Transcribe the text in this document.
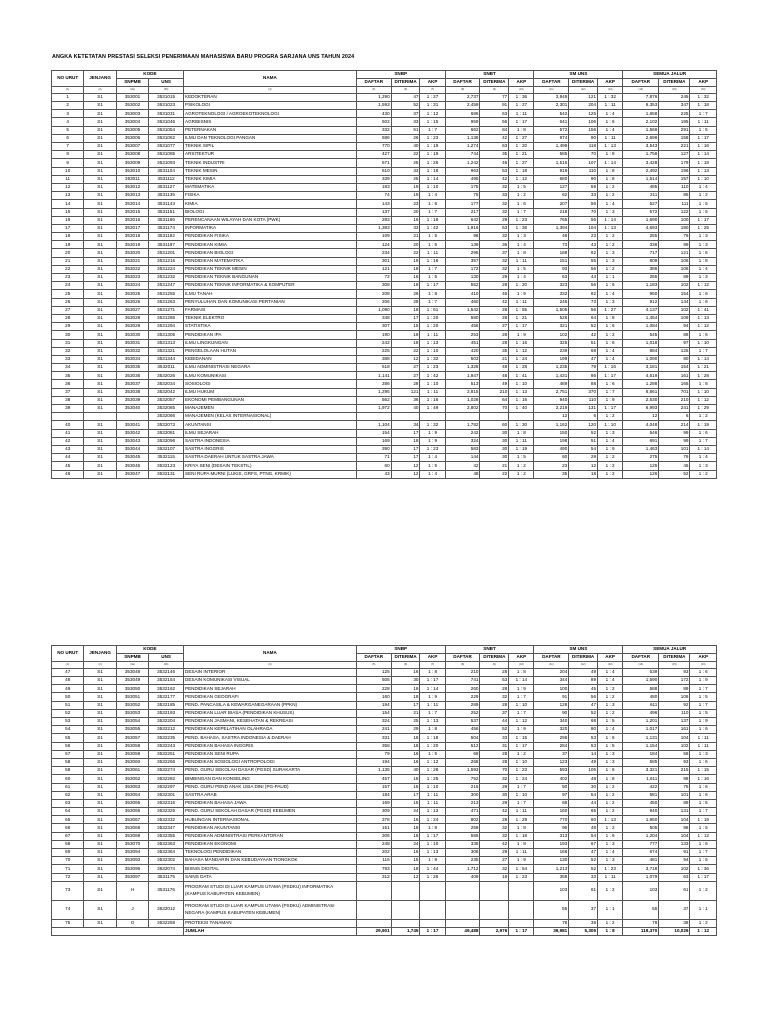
ANGKA KETETATAN PRESTASI SELEKSI PENERIMAAN MAHASISWA BARU PROGRA SARJANA UNS TAHUN 2024
NO URUT	JENJANG	KODE		NAMA	SNBP			SNBT			SM UNS			SEMUA JALUR		
		SNPMB	UNS		DAFTAR	DITERIMA	AKP	DAFTAR	DITERIMA	AKP	DAFTAR	DITERIMA	AKP	DAFTAR	DITERIMA	AKP
(1)	(2)	(3a)	(3b)	(4)	(5)	(6)	(7)	(8)	(9)	(10)	(11)	(12)	(13)	(14)	(15)	(16)
1	S1	353001	3531015	KEDOKTERAN	1,290	47	1 : 27	2,737	77	1 : 36	3,849	121	1 : 32	7,876	245	1 : 32
2	S1	353002	3531023	PSIKOLOGI	1,593	52	1 : 31	2,459	91	1 : 27	2,301	204	1 : 11	6,353	347	1 : 18
3	S1	353003	3531031	AGROTEKNOLOGI / AGROEKOTEKNOLOGI	430	37	1 : 12	686	63	1 : 11	542	125	1 : 4	1,658	225	1 : 7
4	S1	353004	3531046	AGRIBISNIS	502	33	1 : 15	959	56	1 : 17	641	106	1 : 6	2,102	195	1 : 11
5	S1	353005	3531054	PETERNAKAN	332	51	1 : 7	662	84	1 : 8	572	156	1 : 4	1,566	291	1 : 5
6	S1	353006	3531062	ILMU DAN TEKNOLOGI PANGAN	586	26	1 : 23	1,136	42	1 : 27	974	90	1 : 11	2,696	158	1 : 17
7	S1	353007	3531077	TEKNIK SIPIL	770	40	1 : 19	1,274	63	1 : 20	1,499	118	1 : 13	3,543	221	1 : 16
8	S1	353008	3531085	ARSITEKTUR	427	22	1 : 19	744	35	1 : 21	585	70	1 : 8	1,756	127	1 : 14
9	S1	353009	3531093	TEKNIK INDUSTRI	671	26	1 : 26	1,242	46	1 : 27	1,515	107	1 : 14	3,428	179	1 : 19
10	S1	353010	3531104	TEKNIK MESIN	610	33	1 : 18	963	53	1 : 18	919	110	1 : 8	2,492	196	1 : 13
11	S1	353011	3531112	TEKNIK KIMIA	339	25	1 : 14	495	42	1 : 12	680	90	1 : 8	1,514	157	1 : 10
12	S1	353012	3531127	MATEMATIKA	183	19	1 : 10	175	32	1 : 5	127	59	1 : 2	485	110	1 : 4
13	S1	353013	3531135	FISIKA	74	19	1 : 4	75	33	1 : 2	62	33	1 : 2	211	85	1 : 2
14	S1	353014	3531143	KIMIA	143	23	1 : 6	177	32	1 : 6	207	56	1 : 4	527	111	1 : 5
15	S1	353015	3531151	BIOLOGI	137	20	1 : 7	217	32	1 : 7	218	70	1 : 3	572	122	1 : 5
16	S1	353016	3531166	PERENCANAAN WILAYAH DAN KOTA (PWK)	283	16	1 : 18	642	28	1 : 23	765	56	1 : 14	1,690	100	1 : 17
17	S1	353017	3531174	INFORMATIKA	1,383	33	1 : 42	1,916	53	1 : 36	1,394	104	1 : 13	4,693	190	1 : 25
18	S1	353018	3531182	PENDIDIKAN FISIKA	109	21	1 : 5	98	32	1 : 3	48	23	1 : 2	255	76	1 : 3
19	S1	353019	3531197	PENDIDIKAN KIMIA	124	20	1 : 6	139	36	1 : 4	73	43	1 : 2	336	99	1 : 3
20	S1	353020	3531201	PENDIDIKAN BIOLOGI	234	22	1 : 11	295	37	1 : 8	188	62	1 : 3	717	121	1 : 6
21	S1	353021	3531216	PENDIDIKAN MATEMATIKA	301	19	1 : 16	357	32	1 : 11	151	55	1 : 3	809	106	1 : 8
22	S1	353022	3531224	PENDIDIKAN TEKNIK MESIN	121	18	1 : 7	172	32	1 : 5	93	56	1 : 2	386	106	1 : 4
23	S1	353023	3531232	PENDIDIKAN TEKNIK BANGUNAN	72	16	1 : 5	130	29	1 : 4	63	44	1 : 1	265	89	1 : 3
24	S1	353024	3531247	PENDIDIKAN TEKNIK INFORMATIKA & KOMPUTER	308	18	1 : 17	552	28	1 : 20	323	56	1 : 6	1,183	102	1 : 12
25	S1	353025	3531255	ILMU TANAH	208	26	1 : 8	410	46	1 : 9	332	82	1 : 4	950	154	1 : 6
26	S1	353026	3531263	PENYULUHAN DAN KOMUNIKASI PERTANIAN	206	29	1 : 7	460	42	1 : 11	246	73	1 : 3	912	144	1 : 6
27	S1	353027	3531271	FARMASI	1,090	18	1 : 61	1,542	28	1 : 55	1,505	56	1 : 27	4,137	102	1 : 41
28	S1	353028	3531286	TEKNIK ELEKTRO	348	17	1 : 20	580	28	1 : 21	526	64	1 : 8	1,454	109	1 : 13
29	S1	353029	3531294	STATISTIKA	307	15	1 : 20	456	27	1 : 17	321	52	1 : 6	1,084	94	1 : 12
30	S1	353030	3531305	PENDIDIKAN IPA	190	18	1 : 11	253	28	1 : 9	102	42	1 : 2	545	88	1 : 6
31	S1	353031	3531313	ILMU LINGKUNGAN	242	18	1 : 13	451	28	1 : 16	325	51	1 : 6	1,018	97	1 : 10
32	S1	353032	3531321	PENGELOLAAN HUTAN	225	22	1 : 10	420	35	1 : 12	239	68	1 : 4	884	125	1 : 7
33	S1	353034	3531344	KEBIDANAN	388	12	1 : 32	503	21	1 : 24	199	47	1 : 4	1,090	80	1 : 14
34	S1	353035	3532011	ILMU ADMINISTRASI NEGARA	618	27	1 : 23	1,328	48	1 : 28	1,235	79	1 : 16	3,181	154	1 : 21
35	S1	353036	3532026	ILMU KOMUNIKASI	1,141	27	1 : 42	1,947	48	1 : 41	1,431	86	1 : 17	4,519	161	1 : 28
36	S1	353037	3532034	SOSIOLOGI	286	28	1 : 10	513	49	1 : 10	489	88	1 : 6	1,288	165	1 : 8
37	S1	353038	3532042	ILMU HUKUM	1,295	121	1 : 11	2,815	210	1 : 13	2,751	370	1 : 7	6,861	701	1 : 10
38	S1	353039	3532057	EKONOMI PEMBANGUNAN	562	36	1 : 16	1,028	64	1 : 16	940	110	1 : 9	2,530	210	1 : 12
39	S1	353040	3532065	MANAJEMEN	1,972	40	1 : 49	2,802	70	1 : 40	2,219	131	1 : 17	6,993	241	1 : 29
			3532066	MANAJEMEN (KELAS INTERNASIONAL)							12	6	1 : 2	12	6	1 : 2
40	S1	353041	3532073	AKUNTANSI	1,104	34	1 : 32	1,782	60	1 : 30	1,162	120	1 : 10	4,048	214	1 : 19
41	S1	353042	3532081	ILMU SEJARAH	154	17	1 : 9	242	30	1 : 8	150	52	1 : 3	546	99	1 : 6
42	S1	353043	3532096	SASTRA INDONESIA	169	18	1 : 9	324	30	1 : 11	198	51	1 : 4	691	99	1 : 7
43	S1	353044	3532107	SASTRA INGGRIS	390	17	1 : 23	583	30	1 : 19	490	54	1 : 9	1,463	101	1 : 14
44	S1	353045	3532115	SASTRA DAERAH UNTUK SASTRA JAWA	71	17	1 : 4	144	30	1 : 5	60	29	1 : 2	275	76	1 : 4
45	S1	353046	3532123	KRIYA SENI (DESAIN TEKSTIL)	60	12	1 : 5	42	21	1 : 2	23	12	1 : 2	125	45	1 : 3
46	S1	353047	3532131	SENI RUPA MURNI (LUKIS, GRFS, PTNG, KRMIK)	43	12	1 : 4	48	22	1 : 2	35	18	1 : 2	126	52	1 : 2
NO URUT	JENJANG	KODE		NAMA	SNBP			SNBT			SM UNS			SEMUA JALUR		
		SNPMB	UNS		DAFTAR	DITERIMA	AKP	DAFTAR	DITERIMA	AKP	DAFTAR	DITERIMA	AKP	DAFTAR	DITERIMA	AKP
(1)	(2)	(3a)	(3b)	(4)	(5)	(6)	(7)	(8)	(9)	(10)	(11)	(12)	(13)	(14)	(15)	(16)
47	S1	353048	3532146	DESAIN INTERIOR	125	16	1 : 8	210	28	1 : 8	204	49	1 : 4	539	93	1 : 6
48	S1	353049	3532154	DESAIN KOMUNIKASI VISUAL	505	30	1 : 17	741	53	1 : 14	344	89	1 : 4	1,590	172	1 : 9
49	S1	353050	3532162	PENDIDIKAN SEJARAH	228	16	1 : 14	260	28	1 : 9	100	45	1 : 2	588	89	1 : 7
50	S1	353051	3532177	PENDIDIKAN GEOGRAFI	160	18	1 : 9	229	32	1 : 7	91	56	1 : 2	480	106	1 : 5
51	S1	353052	3532185	PEND. PANCASILA & KEWARGANEGARAAN (PPKN)	194	17	1 : 11	289	28	1 : 10	128	47	1 : 3	611	92	1 : 7
52	S1	353053	3532193	PENDIDIKAN LUAR BIASA (PENDIDIKAN KHUSUS)	154	21	1 : 7	252	37	1 : 7	90	52	1 : 2	496	110	1 : 5
53	S1	353054	3532204	PENDIDIKAN JASMANI, KESEHATAN & REKREASI	324	25	1 : 13	537	44	1 : 12	340	68	1 : 5	1,201	137	1 : 9
54	S1	353055	3532212	PENDIDIKAN KEPELATIHAN OLAHRAGA	241	29	1 : 8	456	52	1 : 9	320	80	1 : 4	1,017	161	1 : 6
55	S1	353057	3532235	PEND. BAHASA, SASTRA INDONESIA & DAERAH	331	18	1 : 18	504	33	1 : 15	296	53	1 : 6	1,131	104	1 : 11
56	S1	353058	3532243	PENDIDIKAN BAHASA INGGRIS	358	18	1 : 20	512	31	1 : 17	284	53	1 : 5	1,154	102	1 : 11
57	S1	353059	3532251	PENDIDIKAN SENI RUPA	79	16	1 : 5	68	28	1 : 2	37	14	1 : 3	184	58	1 : 3
58	S1	353060	3532266	PENDIDIKAN SOSIOLOGI ANTROPOLOGI	194	16	1 : 12	268	28	1 : 10	123	49	1 : 3	585	93	1 : 6
59	S1	353061	3532274	PEND. GURU SEKOLAH DASAR (PGSD) SURAKARTA	1,135	40	1 : 28	1,593	70	1 : 23	593	105	1 : 6	3,321	215	1 : 15
60	S1	353062	3532282	BIMBINGAN DAN KONSELING	457	18	1 : 25	752	32	1 : 24	402	48	1 : 8	1,611	98	1 : 16
61	S1	353063	3532297	PEND. GURU PEND ANAK USIA DINI (PG-PAUD)	157	16	1 : 10	215	29	1 : 7	50	30	1 : 2	422	75	1 : 6
62	S1	353064	3532301	SASTRA ARAB	184	17	1 : 11	300	30	1 : 10	97	54	1 : 2	581	101	1 : 6
63	S1	353065	3532316	PENDIDIKAN BAHASA JAWA	169	16	1 : 11	213	29	1 : 7	68	44	1 : 2	450	89	1 : 5
64	S1	353066	3532325	PEND. GURU SEKOLAH DASAR (PGSD) KEBUMEN	309	24	1 : 13	471	42	1 : 11	160	65	1 : 2	940	131	1 : 7
65	S1	353067	3532332	HUBUNGAN INTERNASIONAL	378	16	1 : 24	802	28	1 : 29	770	60	1 : 13	1,950	104	1 : 19
66	S1	353068	3532347	PENDIDIKAN AKUNTANSI	151	18	1 : 8	258	32	1 : 8	96	48	1 : 2	505	98	1 : 5
67	S1	353069	3532355	PENDIDIKAN ADMINISTRASI PERKANTORAN	306	18	1 : 17	585	32	1 : 18	313	54	1 : 6	1,204	104	1 : 12
68	S1	353070	3532363	PENDIDIKAN EKONOMI	248	24	1 : 10	336	42	1 : 8	193	67	1 : 3	777	133	1 : 6
69	S1	353094	3532364	TEKNOLOGI PENDIDIKAN	202	16	1 : 13	306	28	1 : 11	166	47	1 : 4	674	91	1 : 7
70	S1	353093	3532302	BAHASA MANDARIN DAN KEBUDAYAAN TIONGKOK	116	15	1 : 8	235	27	1 : 9	130	52	1 : 3	481	94	1 : 5
71	S1	353096	3532074	BISNIS DIGITAL	793	18	1 : 44	1,712	32	1 : 54	1,213	52	1 : 23	3,718	102	1 : 36
72	S1	353097	3531175	SAINS DATA	312	12	1 : 26	409	18	1 : 23	358	33	1 : 11	1,079	63	1 : 17
73	S1	H	3531176	PROGRAM STUDI DI LUAR KAMPUS UTAMA (PSDKU) INFORMATIKA (KAMPUS KABUPATEN KEBUMEN)							103	61	1 : 2	103	61	1 : 2
74	S1	J	3532012	PROGRAM STUDI DI LUAR KAMPUS UTAMA (PSDKU) ADMINISTRASI NEGARA (KAMPUS KABUPATEN KEBUMEN)							55	37	1 : 1	55	37	1 : 1
75	S1	O	3532268	PROTEKSI TANAMAN							78	38	1 : 2	78	38	1 : 2
				JUMLAH	29,901	1,745	1 : 17	49,488	2,976	1 : 17	39,981	5,305	1 : 8	119,370	10,026	1 : 12
